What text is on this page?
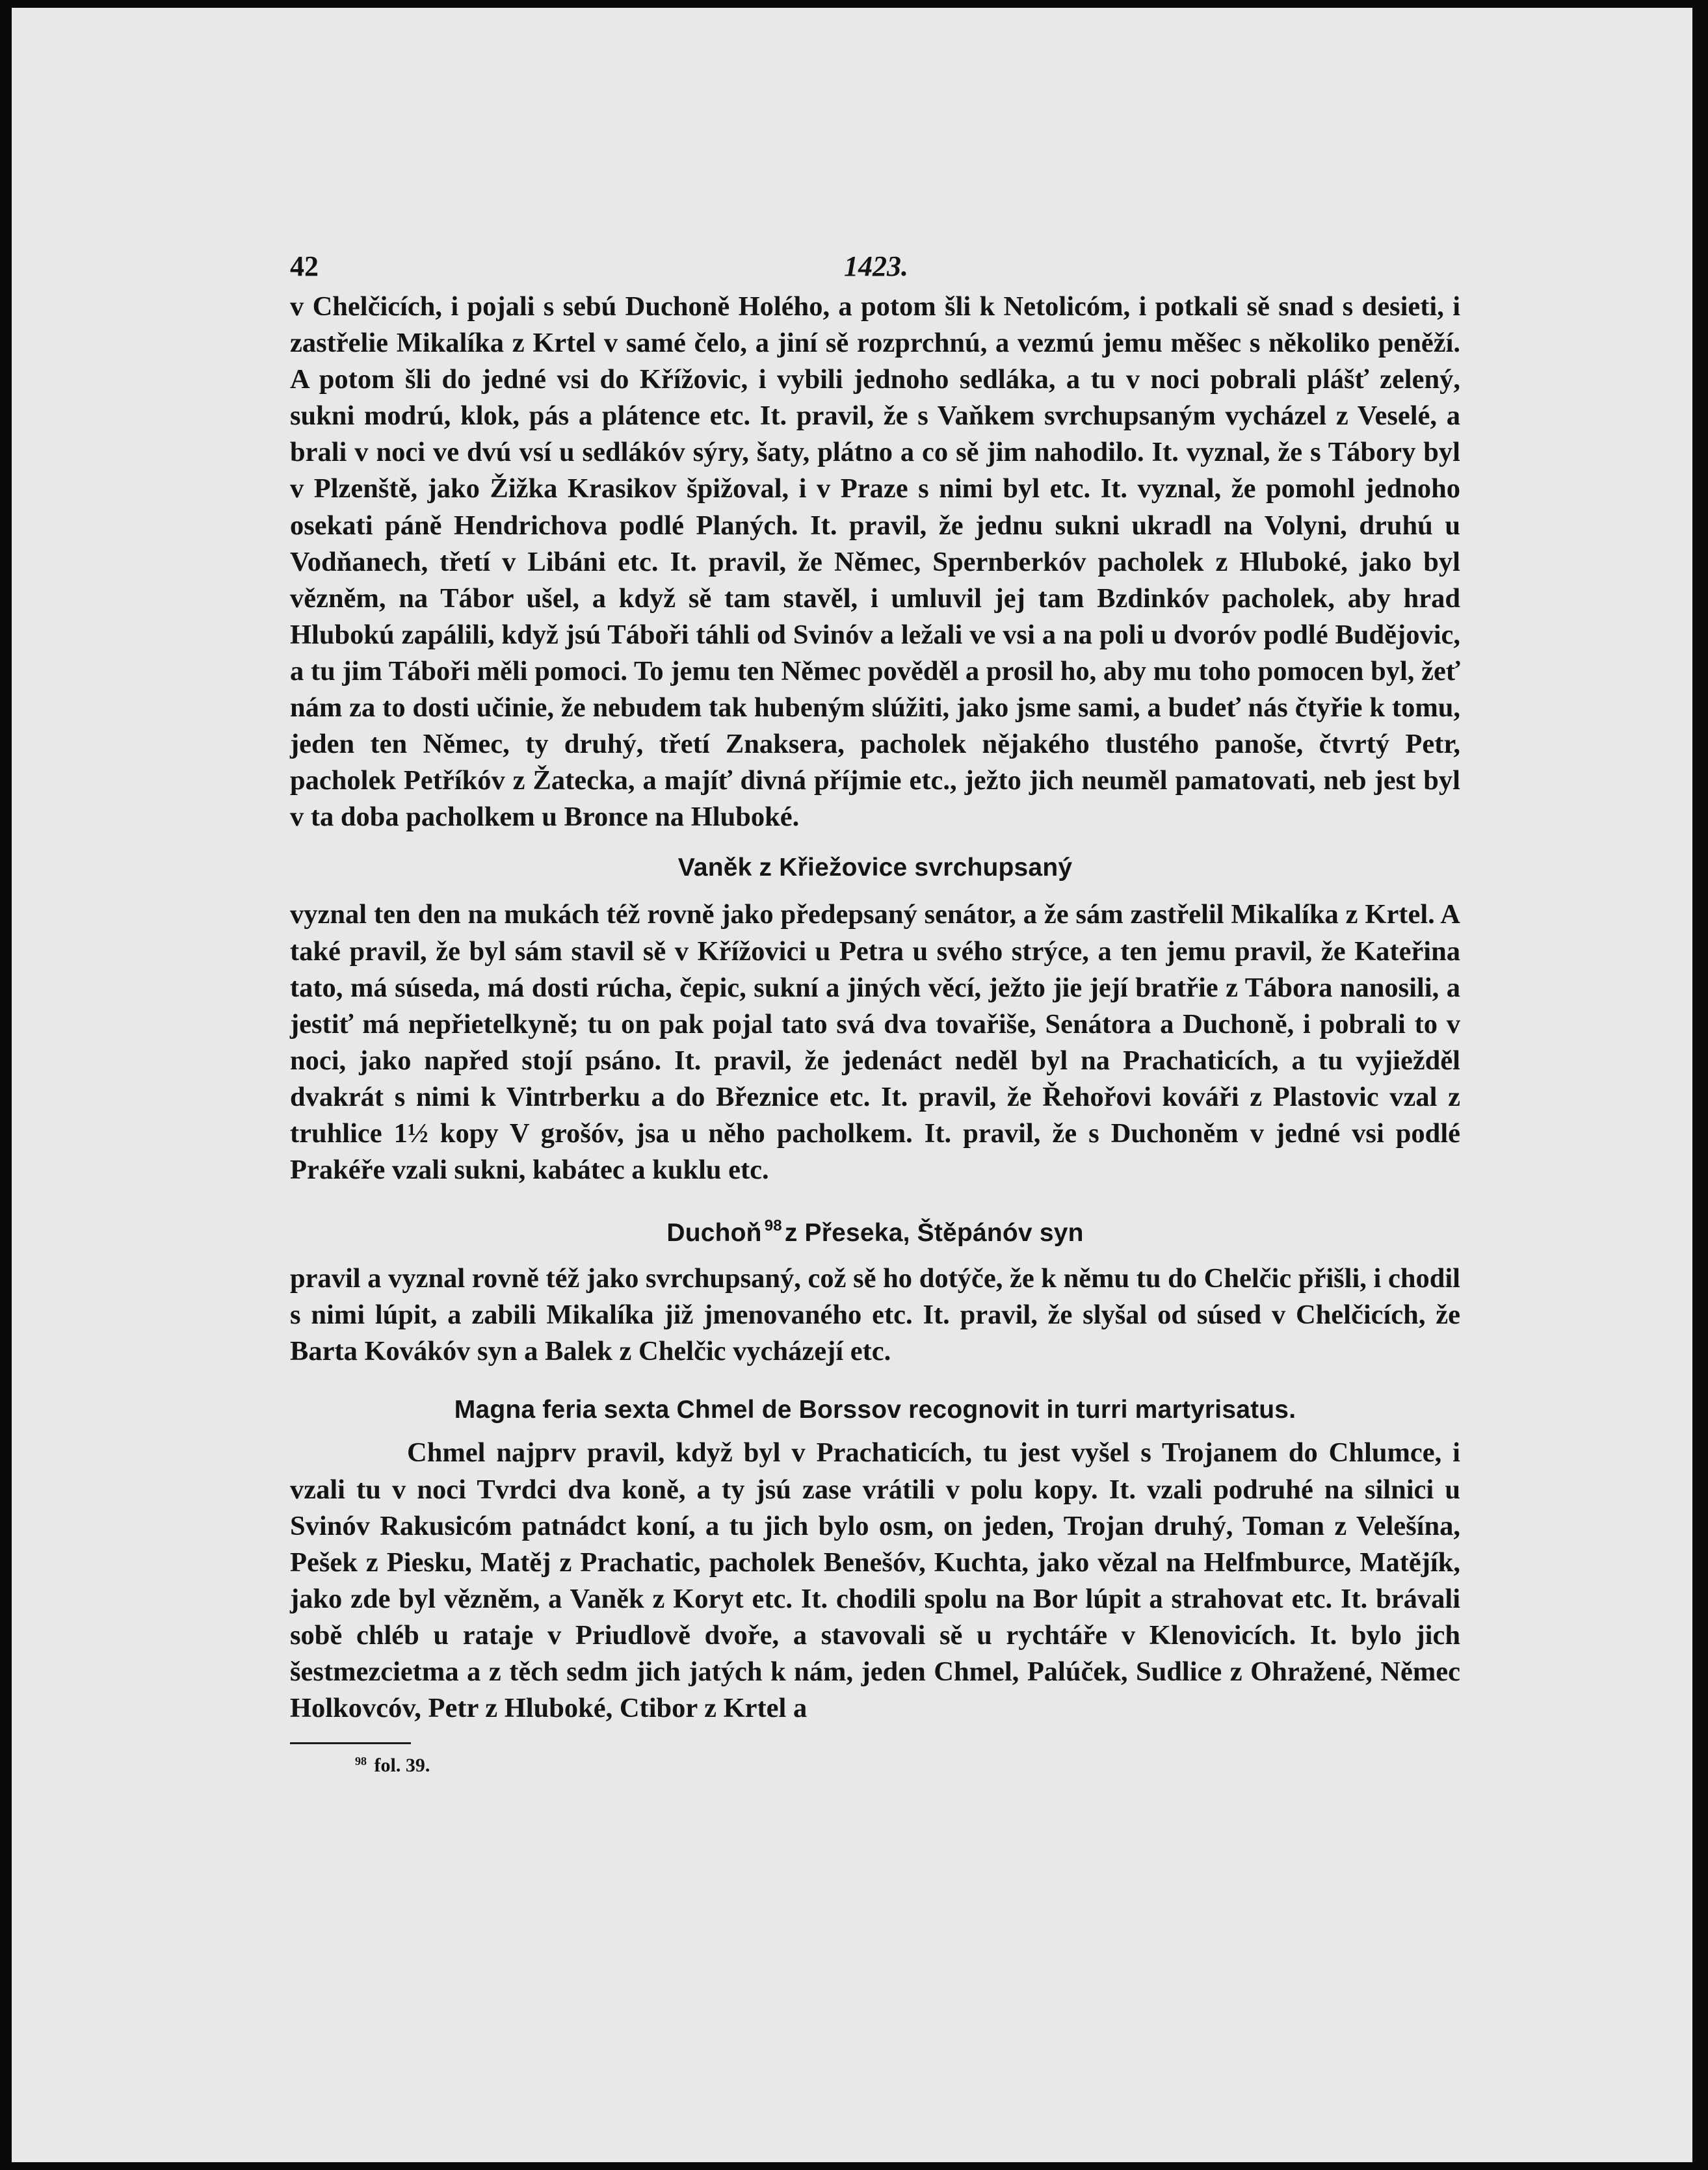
42	1423.

v Chelčicích, i pojali s sebú Duchoně Holého, a potom šli k Netolicóm, i potkali sě snad s desieti, i zastřelie Mikalíka z Krtel v samé čelo, a jiní sě rozprchnú, a vezmú jemu měšec s několiko peněží. A potom šli do jedné vsi do Křížovic, i vybili jednoho sedláka, a tu v noci pobrali plášť zelený, sukni modrú, klok, pás a plátence etc. It. pravil, že s Vaňkem svrchupsaným vycházel z Veselé, a brali v noci ve dvú vsí u sedlákóv sýry, šaty, plátno a co sě jim nahodilo. It. vyznal, že s Tábory byl v Plzenště, jako Žižka Krasikov špižoval, i v Praze s nimi byl etc. It. vyznal, že pomohl jednoho osekati páně Hendrichova podlé Planých. It. pravil, že jednu sukni ukradl na Volyni, druhú u Vodňanech, třetí v Libáni etc. It. pravil, že Němec, Spernberkóv pacholek z Hluboké, jako byl vězněm, na Tábor ušel, a když sě tam stavěl, i umluvil jej tam Bzdinkóv pacholek, aby hrad Hlubokú zapálili, když jsú Táboři táhli od Svinóv a ležali ve vsi a na poli u dvoróv podlé Budějovic, a tu jim Táboři měli pomoci. To jemu ten Němec pověděl a prosil ho, aby mu toho pomocen byl, žeť nám za to dosti učinie, že nebudem tak hubeným slúžiti, jako jsme sami, a budeť nás čtyřie k tomu, jeden ten Němec, ty druhý, třetí Znaksera, pacholek nějakého tlustého panoše, čtvrtý Petr, pacholek Petříkóv z Žatecka, a majíť divná příjmie etc., ježto jich neuměl pamatovati, neb jest byl v ta doba pacholkem u Bronce na Hluboké.

Vaněk z Křiežovice svrchupsaný

vyznal ten den na mukách též rovně jako předepsaný senátor, a že sám zastřelil Mikalíka z Krtel. A také pravil, že byl sám stavil sě v Křížovici u Petra u svého strýce, a ten jemu pravil, že Kateřina tato, má súseda, má dosti rúcha, čepic, sukní a jiných věcí, ježto jie její bratřie z Tábora nanosili, a jestiť má nepřietelkyně; tu on pak pojal tato svá dva tovařiše, Senátora a Duchoně, i pobrali to v noci, jako napřed stojí psáno. It. pravil, že jedenáct neděl byl na Prachaticích, a tu vyjiežděl dvakrát s nimi k Vintrberku a do Březnice etc. It. pravil, že Řehořovi kováři z Plastovic vzal z truhlice 1½ kopy V grošóv, jsa u něho pacholkem. It. pravil, že s Duchoněm v jedné vsi podlé Prakéře vzali sukni, kabátec a kuklu etc.

Duchoň $^{98}$ z Přeseka, Štěpánóv syn

pravil a vyznal rovně též jako svrchupsaný, což sě ho dotýče, že k němu tu do Chelčic přišli, i chodil s nimi lúpit, a zabili Mikalíka již jmenovaného etc. It. pravil, že slyšal od súsed v Chelčicích, že Barta Kovákóv syn a Balek z Chelčic vycházejí etc.

Magna feria sexta Chmel de Borssov recognovit in turri martyrisatus.

Chmel najprv pravil, když byl v Prachaticích, tu jest vyšel s Trojanem do Chlumce, i vzali tu v noci Tvrdci dva koně, a ty jsú zase vrátili v polu kopy. It. vzali podruhé na silnici u Svinóv Rakusicóm patnádct koní, a tu jich bylo osm, on jeden, Trojan druhý, Toman z Velešína, Pešek z Piesku, Matěj z Prachatic, pacholek Benešóv, Kuchta, jako vězal na Helfmburce, Matějík, jako zde byl vězněm, a Vaněk z Koryt etc. It. chodili spolu na Bor lúpit a strahovat etc. It. brávali sobě chléb u rataje v Priudlově dvoře, a stavovali sě u rychtáře v Klenovicích. It. bylo jich šestmezcietma a z těch sedm jich jatých k nám, jeden Chmel, Palúček, Sudlice z Ohražené, Němec Holkovcóv, Petr z Hluboké, Ctibor z Krtel a

$^{98}$ fol. 39.
